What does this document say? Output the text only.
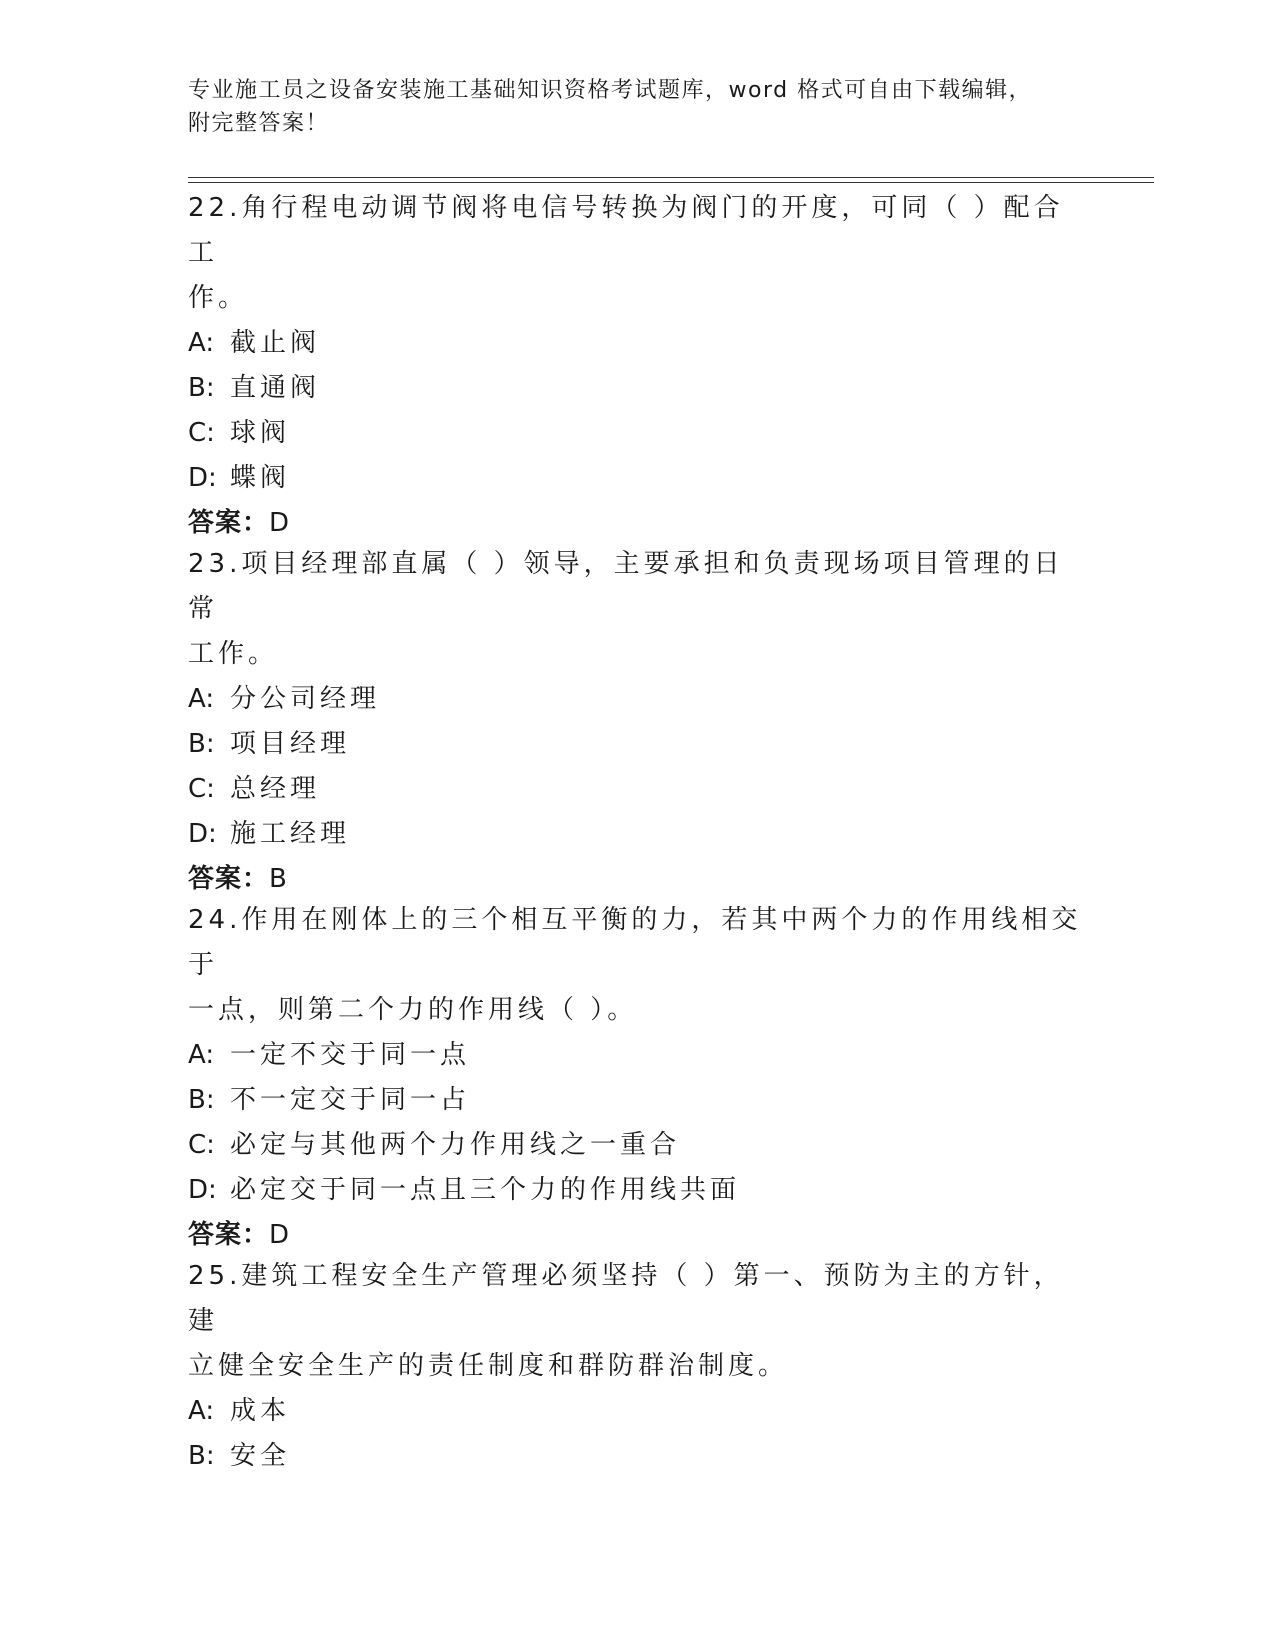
专业施工员之设备安装施工基础知识资格考试题库，word 格式可自由下载编辑，
附完整答案！

22.角行程电动调节阀将电信号转换为阀门的开度，可同（ ）配合工

作。

A: 截止阀

B: 直通阀

C: 球阀

D: 蝶阀

答案：D

23.项目经理部直属（ ）领导，主要承担和负责现场项目管理的日常

工作。

A: 分公司经理

B: 项目经理

C: 总经理

D: 施工经理

答案：B

24.作用在刚体上的三个相互平衡的力，若其中两个力的作用线相交于

一点，则第二个力的作用线（ ）。

A: 一定不交于同一点

B: 不一定交于同一占

C: 必定与其他两个力作用线之一重合

D: 必定交于同一点且三个力的作用线共面

答案：D

25.建筑工程安全生产管理必须坚持（ ）第一、预防为主的方针，建

立健全安全生产的责任制度和群防群治制度。

A: 成本

B: 安全
